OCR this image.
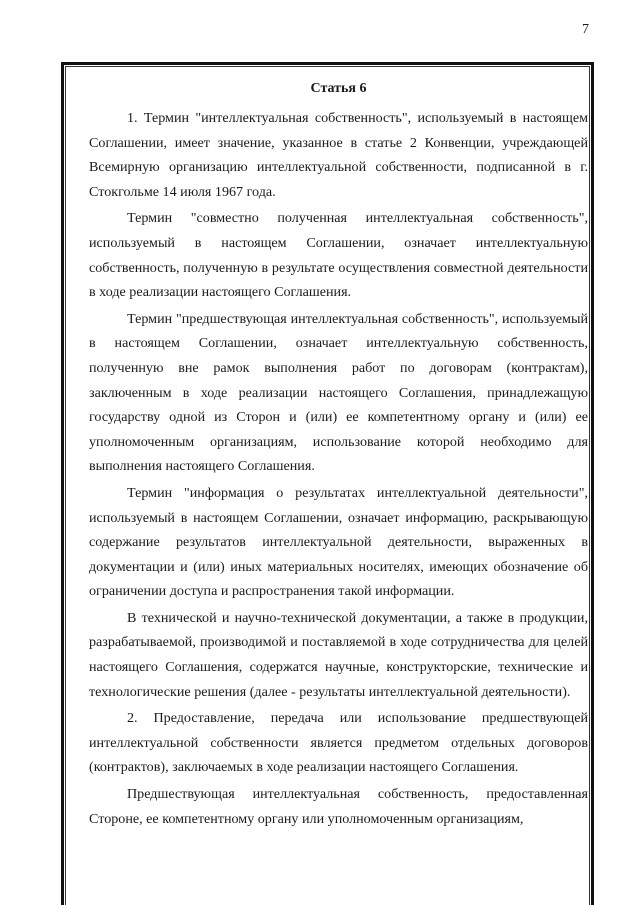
7
Статья 6

1. Термин "интеллектуальная собственность", используемый в настоящем Соглашении, имеет значение, указанное в статье 2 Конвенции, учреждающей Всемирную организацию интеллектуальной собственности, подписанной в г. Стокгольме 14 июля 1967 года.

Термин "совместно полученная интеллектуальная собственность", используемый в настоящем Соглашении, означает интеллектуальную собственность, полученную в результате осуществления совместной деятельности в ходе реализации настоящего Соглашения.

Термин "предшествующая интеллектуальная собственность", используемый в настоящем Соглашении, означает интеллектуальную собственность, полученную вне рамок выполнения работ по договорам (контрактам), заключенным в ходе реализации настоящего Соглашения, принадлежащую государству одной из Сторон и (или) ее компетентному органу и (или) ее уполномоченным организациям, использование которой необходимо для выполнения настоящего Соглашения.

Термин "информация о результатах интеллектуальной деятельности", используемый в настоящем Соглашении, означает информацию, раскрывающую содержание результатов интеллектуальной деятельности, выраженных в документации и (или) иных материальных носителях, имеющих обозначение об ограничении доступа и распространения такой информации.

В технической и научно-технической документации, а также в продукции, разрабатываемой, производимой и поставляемой в ходе сотрудничества для целей настоящего Соглашения, содержатся научные, конструкторские, технические и технологические решения (далее - результаты интеллектуальной деятельности).

2. Предоставление, передача или использование предшествующей интеллектуальной собственности является предметом отдельных договоров (контрактов), заключаемых в ходе реализации настоящего Соглашения.

Предшествующая интеллектуальная собственность, предоставленная Стороне, ее компетентному органу или уполномоченным организациям,
